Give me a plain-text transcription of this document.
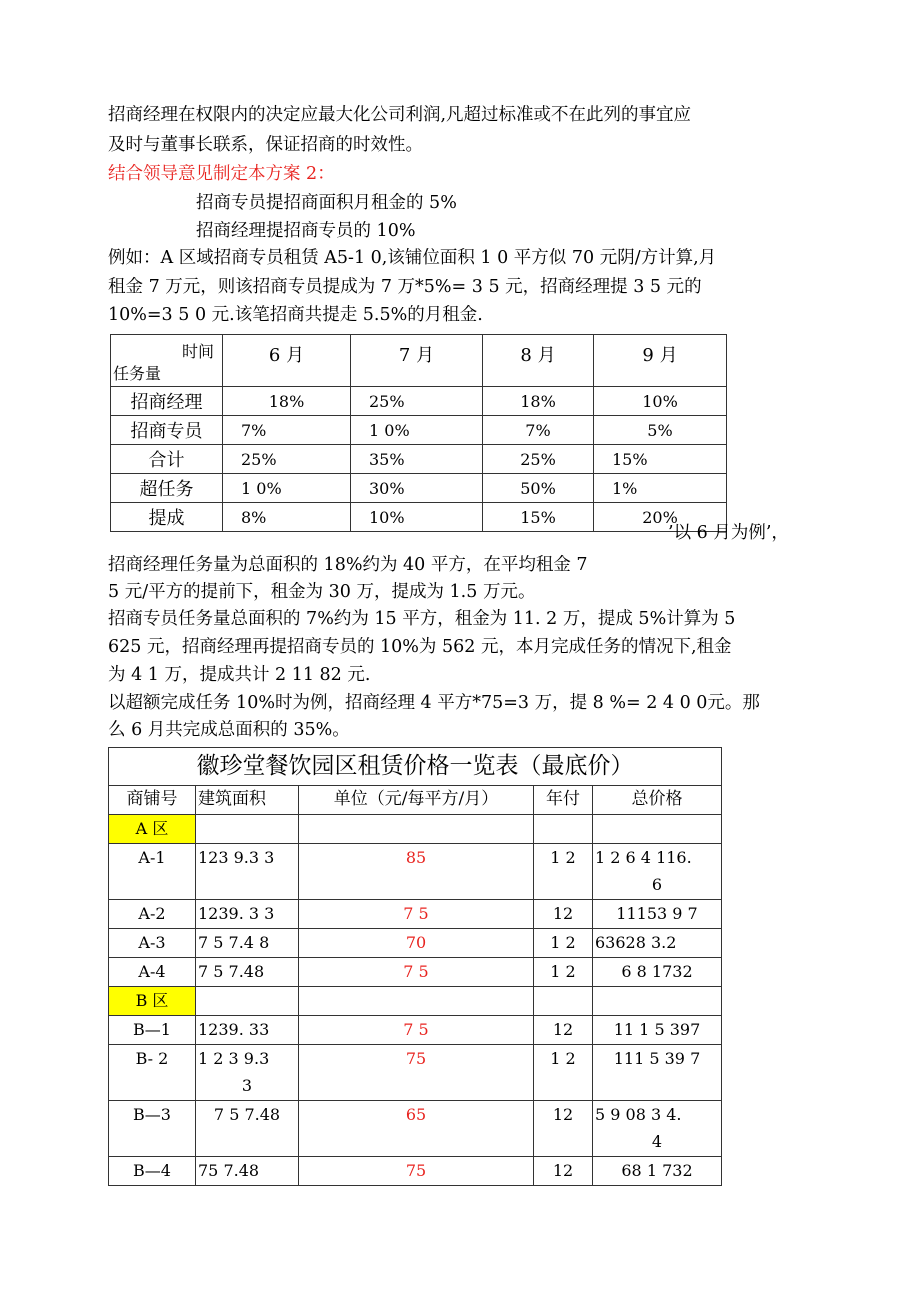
招商经理在权限内的决定应最大化公司利润,凡超过标准或不在此列的事宜应
及时与董事长联系，保证招商的时效性。
结合领导意见制定本方案 2：
招商专员提招商面积月租金的 5%
招商经理提招商专员的 10%
例如：A 区域招商专员租赁 A5-1 0,该铺位面积 1 0 平方似 70 元阴/方计算,月
租金 7 万元，则该招商专员提成为 7 万*5%= 3 5 元，招商经理提 3 5 元的
10%=3 5 0 元.该笔招商共提走 5.5%的月租金.
时间
任务量	6 月	7 月	8 月	9 月

招商经理	18%	25%	18%	10%
招商专员	7%	1 0%	7%	5%
合计	25%	35%	25%	15%
超任务	1 0%	30%	50%	1%
提成	8%	10%	15%	20%
’以 6 月为例’，
招商经理任务量为总面积的 18%约为 40 平方，在平均租金 7
5 元/平方的提前下，租金为 30 万，提成为 1.5 万元。
招商专员任务量总面积的 7%约为 15 平方，租金为 11. 2 万，提成 5%计算为 5
625 元，招商经理再提招商专员的 10%为 562 元，本月完成任务的情况下,租金
为 4 1 万，提成共计 2 11 82 元.
以超额完成任务 10%时为例，招商经理 4 平方*75=3 万，提 8 %= 2 4 0 0元。那
么 6 月共完成总面积的 35%。
徽珍堂餐饮园区租赁价格一览表（最底价）				
商铺号	建筑面积	单位（元/每平方/月）	年付	总价格
A 区				
A-1	123 9.3 3	85	1 2	1 2 6 4 116.
6

A-2	1239. 3 3	7 5	12	11153 9 7
A-3	7 5 7.4 8	70	1 2	63628 3.2
A-4	7 5 7.48	7 5	1 2	6 8 1732
B 区				
B—1	1239. 33	7 5	12	11 1 5 397
B- 2	1 2 3 9.3
3	75	1 2	111 5 39 7
B—3	7 5 7.48	65	12	5 9 08 3 4.
4

B—4	75 7.48	75	12	68 1 732
